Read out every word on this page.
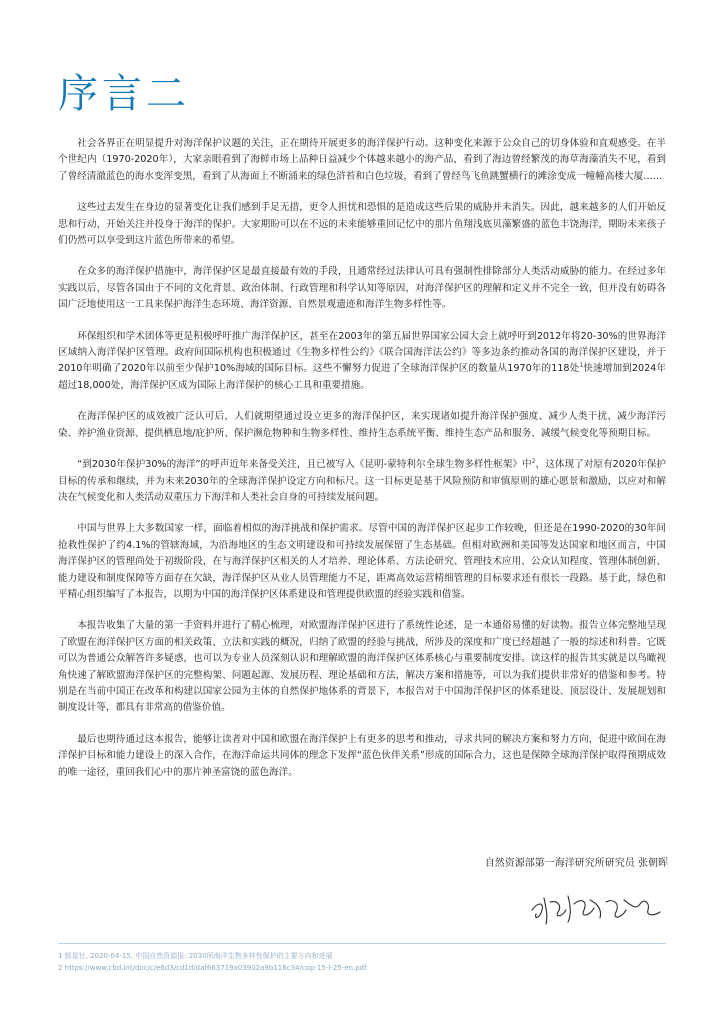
序言二

社会各界正在明显提升对海洋保护议题的关注，正在期待开展更多的海洋保护行动。这种变化来源于公众自己的切身体验和直观感受。在半个世纪内（1970-2020年），大家亲眼看到了海鲜市场上品种日益减少个体越来越小的海产品，看到了海边曾经繁茂的海草海藻消失不见，看到了曾经清澈蓝色的海水变浑变黑，看到了从海面上不断涌来的绿色浒苔和白色垃圾，看到了曾经鸟飞鱼跳蟹横行的滩涂变成一幢幢高楼大厦……

这些过去发生在身边的显著变化让我们感到手足无措，更令人担忧和恐惧的是造成这些后果的威胁并未消失。因此，越来越多的人们开始反思和行动，开始关注并投身于海洋的保护。大家期盼可以在不远的未来能够重回记忆中的那片鱼翔浅底贝藻繁盛的蓝色丰饶海洋，期盼未来孩子们仍然可以享受到这片蓝色所带来的希望。

在众多的海洋保护措施中，海洋保护区是最直接最有效的手段，且通常经过法律认可具有强制性排除部分人类活动威胁的能力。在经过多年实践以后，尽管各国由于不同的文化背景、政治体制、行政管理和科学认知等原因，对海洋保护区的理解和定义并不完全一致，但并没有妨碍各国广泛地使用这一工具来保护海洋生态环境、海洋资源、自然景观遗迹和海洋生物多样性等。

环保组织和学术团体等更是积极呼吁推广海洋保护区，甚至在2003年的第五届世界国家公园大会上就呼吁到2012年将20-30%的世界海洋区域纳入海洋保护区管理。政府间国际机构也积极通过《生物多样性公约》《联合国海洋法公约》等多边条约推动各国的海洋保护区建设，并于2010年明确了2020年以前至少保护10%海域的国际目标。这些不懈努力促进了全球海洋保护区的数量从1970年的118处$^1$快速增加到2024年超过18,000处，海洋保护区成为国际上海洋保护的核心工具和重要措施。

在海洋保护区的成效被广泛认可后，人们就期望通过设立更多的海洋保护区，来实现诸如提升海洋保护强度、减少人类干扰、减少海洋污染、养护渔业资源、提供栖息地/庇护所、保护濒危物种和生物多样性、维持生态系统平衡、维持生态产品和服务、减缓气候变化等预期目标。

“到2030年保护30%的海洋”的呼声近年来备受关注，且已被写入《昆明-蒙特利尔全球生物多样性框架》中$^2$，这体现了对原有2020年保护目标的传承和继续，并为未来2030年的全球海洋保护设定方向和标尺。这一目标更是基于风险预防和审慎原则的雄心愿景和激励，以应对和解决在气候变化和人类活动双重压力下海洋和人类社会自身的可持续发展问题。

中国与世界上大多数国家一样，面临着相似的海洋挑战和保护需求。尽管中国的海洋保护区起步工作较晚，但还是在1990-2020的30年间抢救性保护了约4.1%的管辖海域，为沿海地区的生态文明建设和可持续发展保留了生态基础。但相对欧洲和美国等发达国家和地区而言，中国海洋保护区的管理尚处于初级阶段，在与海洋保护区相关的人才培养、理论体系、方法论研究、管理技术应用、公众认知程度、管理体制创新、能力建设和制度保障等方面存在欠缺，海洋保护区从业人员管理能力不足，距离高效运营精细管理的目标要求还有很长一段路。基于此，绿色和平精心组织编写了本报告，以期为中国的海洋保护区体系建设和管理提供欧盟的经验实践和借鉴。

本报告收集了大量的第一手资料并进行了精心梳理，对欧盟海洋保护区进行了系统性论述，是一本通俗易懂的好读物。报告立体完整地呈现了欧盟在海洋保护区方面的相关政策、立法和实践的概况，归纳了欧盟的经验与挑战，所涉及的深度和广度已经超越了一般的综述和科普。它既可以为普通公众解答许多疑惑，也可以为专业人员深刻认识和理解欧盟的海洋保护区体系核心与重要制度安排。读这样的报告其实就是以鸟瞰视角快速了解欧盟海洋保护区的完整构架、问题起源、发展历程、理论基础和方法，解决方案和措施等，可以为我们提供非常好的借鉴和参考。特别是在当前中国正在改革和构建以国家公园为主体的自然保护地体系的背景下，本报告对于中国海洋保护区的体系建设、顶层设计、发展规划和制度设计等，都具有非常高的借鉴价值。

最后也期待通过这本报告，能够让读者对中国和欧盟在海洋保护上有更多的思考和推动，寻求共同的解决方案和努力方向，促进中欧间在海洋保护目标和能力建设上的深入合作，在海洋命运共同体的理念下发挥“蓝色伙伴关系”形成的国际合力，这也是保障全球海洋保护取得预期成效的唯一途径，重回我们心中的那片神圣富饶的蓝色海洋。

自然资源部第一海洋研究所研究员 张朝晖
1 郭星社, 2020-04-15, 中国自然资源报: 2030所海洋生物多样性保护的主要方向和进展
2 https://www.cbd.int/doc/c/e6d3/cd1d/daf663719a03902a9b116c34/cop-15-l-25-en.pdf
